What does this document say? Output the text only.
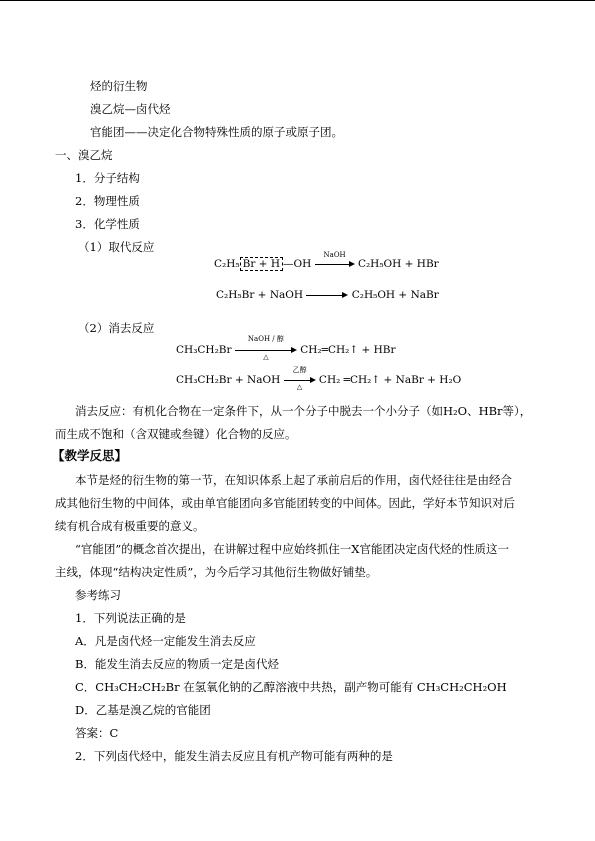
烃的衍生物
溴乙烷—卤代烃
官能团——决定化合物特殊性质的原子或原子团。
一、溴乙烷
1．分子结构
2．物理性质
3．化学性质
（1）取代反应
C₂H₅ Br + H —OH
NaOH
C₂H₅OH + HBr
C₂H₅Br + NaOH	C₂H₅OH + NaBr
（2）消去反应
CH₃CH₂Br
NaOH / 醇
△
CH₂═CH₂↑ + HBr
CH₃CH₂Br + NaOH
乙醇
△
CH₂ ═CH₂↑ + NaBr + H₂O
消去反应：有机化合物在一定条件下，从一个分子中脱去一个小分子（如H₂O、HBr等），
而生成不饱和（含双键或叁键）化合物的反应。
【教学反思】
本节是烃的衍生物的第一节，在知识体系上起了承前启后的作用，卤代烃往往是由经合
成其他衍生物的中间体，或由单官能团向多官能团转变的中间体。因此，学好本节知识对后
续有机合成有极重要的意义。
“官能团”的概念首次提出，在讲解过程中应始终抓住一X官能团决定卤代烃的性质这一
主线，体现“结构决定性质”，为今后学习其他衍生物做好铺垫。
参考练习
1．下列说法正确的是
A．凡是卤代烃一定能发生消去反应
B．能发生消去反应的物质一定是卤代烃
C．CH₃CH₂CH₂Br 在氢氧化钠的乙醇溶液中共热，副产物可能有 CH₃CH₂CH₂OH
D．乙基是溴乙烷的官能团
答案：C
2．下列卤代烃中，能发生消去反应且有机产物可能有两种的是
